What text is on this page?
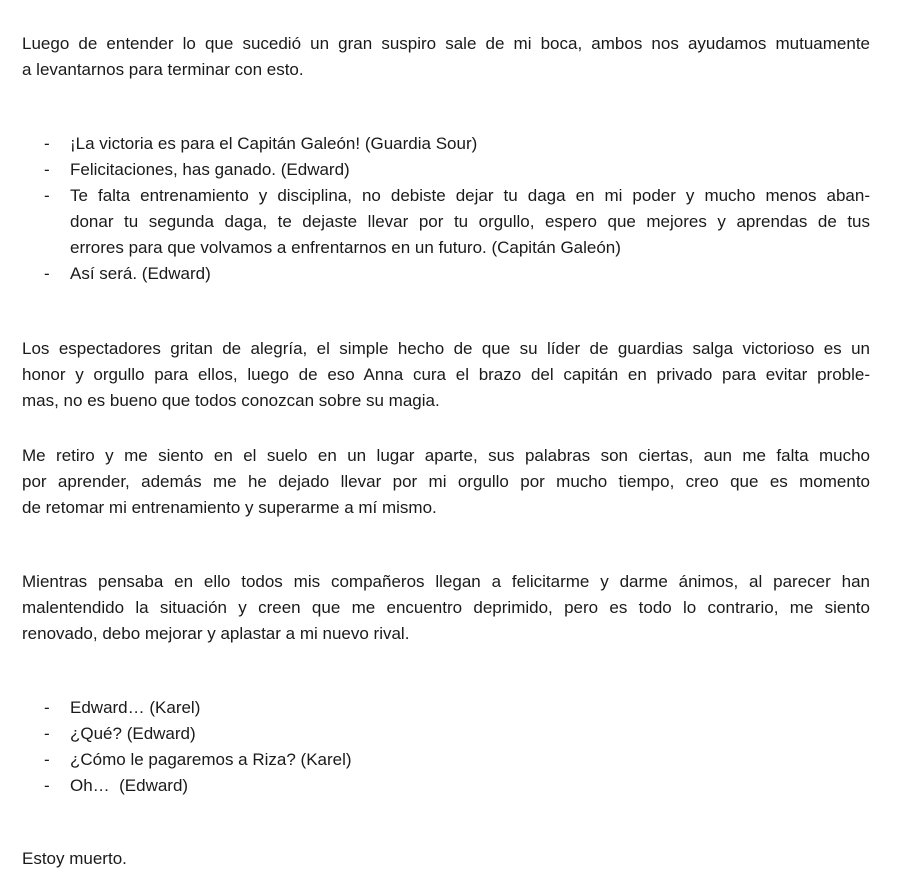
Luego de entender lo que sucedió un gran suspiro sale de mi boca, ambos nos ayudamos mutuamente
a levantarnos para terminar con esto.
- ¡La victoria es para el Capitán Galeón! (Guardia Sour)
- Felicitaciones, has ganado. (Edward)
- Te falta entrenamiento y disciplina, no debiste dejar tu daga en mi poder y mucho menos aban-
donar tu segunda daga, te dejaste llevar por tu orgullo, espero que mejores y aprendas de tus
errores para que volvamos a enfrentarnos en un futuro. (Capitán Galeón)
- Así será. (Edward)
Los espectadores gritan de alegría, el simple hecho de que su líder de guardias salga victorioso es un
honor y orgullo para ellos, luego de eso Anna cura el brazo del capitán en privado para evitar proble-
mas, no es bueno que todos conozcan sobre su magia.
Me retiro y me siento en el suelo en un lugar aparte, sus palabras son ciertas, aun me falta mucho
por aprender, además me he dejado llevar por mi orgullo por mucho tiempo, creo que es momento
de retomar mi entrenamiento y superarme a mí mismo.
Mientras pensaba en ello todos mis compañeros llegan a felicitarme y darme ánimos, al parecer han
malentendido la situación y creen que me encuentro deprimido, pero es todo lo contrario, me siento
renovado, debo mejorar y aplastar a mi nuevo rival.
- Edward… (Karel)
- ¿Qué? (Edward)
- ¿Cómo le pagaremos a Riza? (Karel)
- Oh…  (Edward)
Estoy muerto.
